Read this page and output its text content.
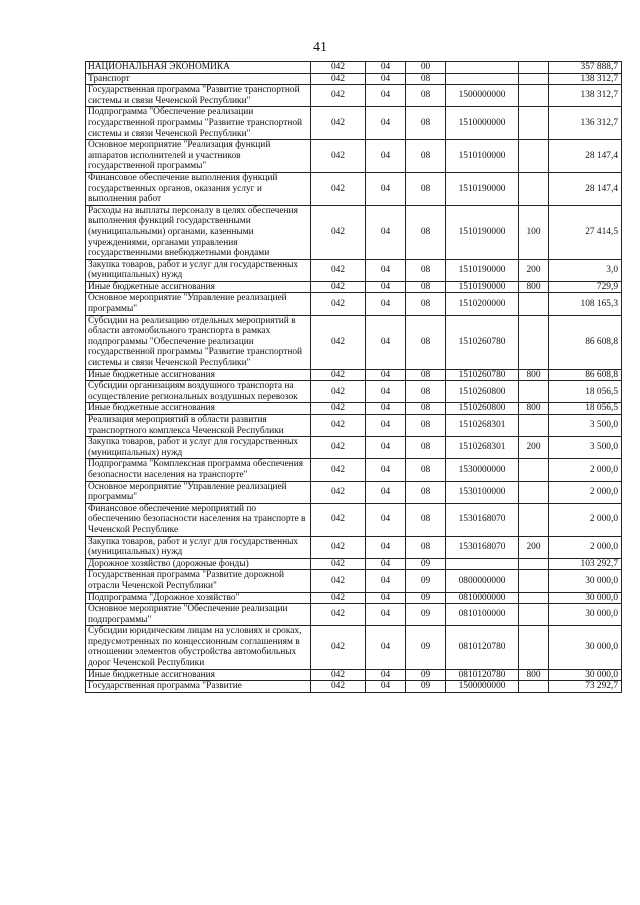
41
НАЦИОНАЛЬНАЯ ЭКОНОМИКА	042	04	00			357 888,7
Транспорт	042	04	08			138 312,7
Государственная программа "Развитие транспортной системы и связи Чеченской Республики"	042	04	08	1500000000		138 312,7
Подпрограмма "Обеспечение реализации государственной программы "Развитие транспортной системы и связи Чеченской Республики"	042	04	08	1510000000		136 312,7
Основное мероприятие "Реализация функций аппаратов исполнителей и участников государственной программы"	042	04	08	1510100000		28 147,4
Финансовое обеспечение выполнения функций государственных органов, оказания услуг и выполнения работ	042	04	08	1510190000		28 147,4
Расходы на выплаты персоналу в целях обеспечения выполнения функций государственными (муниципальными) органами, казенными учреждениями, органами управления государственными внебюджетными фондами	042	04	08	1510190000	100	27 414,5
Закупка товаров, работ и услуг для государственных (муниципальных) нужд	042	04	08	1510190000	200	3,0
Иные бюджетные ассигнования	042	04	08	1510190000	800	729,9
Основное мероприятие "Управление реализацией программы"	042	04	08	1510200000		108 165,3
Субсидии на реализацию отдельных мероприятий в области автомобильного транспорта в рамках подпрограммы "Обеспечение реализации государственной программы "Развитие транспортной системы и связи Чеченской Республики"	042	04	08	1510260780		86 608,8
Иные бюджетные ассигнования	042	04	08	1510260780	800	86 608,8
Субсидии организациям воздушного транспорта на осуществление региональных воздушных перевозок	042	04	08	1510260800		18 056,5
Иные бюджетные ассигнования	042	04	08	1510260800	800	18 056,5
Реализация мероприятий в области развития транспортного комплекса Чеченской Республики	042	04	08	1510268301		3 500,0
Закупка товаров, работ и услуг для государственных (муниципальных) нужд	042	04	08	1510268301	200	3 500,0
Подпрограмма "Комплексная программа обеспечения безопасности населения на транспорте"	042	04	08	1530000000		2 000,0
Основное мероприятие "Управление реализацией программы"	042	04	08	1530100000		2 000,0
Финансовое обеспечение мероприятий по обеспечению безопасности населения на транспорте в Чеченской Республике	042	04	08	1530168070		2 000,0
Закупка товаров, работ и услуг для государственных (муниципальных) нужд	042	04	08	1530168070	200	2 000,0
Дорожное хозяйство (дорожные фонды)	042	04	09			103 292,7
Государственная программа "Развитие дорожной отрасли Чеченской Республики"	042	04	09	0800000000		30 000,0
Подпрограмма "Дорожное хозяйство"	042	04	09	0810000000		30 000,0
Основное мероприятие "Обеспечение реализации подпрограммы"	042	04	09	0810100000		30 000,0
Субсидии юридическим лицам на условиях и сроках, предусмотренных по концессионным соглашениям в отношении элементов обустройства автомобильных дорог Чеченской Республики	042	04	09	0810120780		30 000,0
Иные бюджетные ассигнования	042	04	09	0810120780	800	30 000,0
Государственная программа "Развитие	042	04	09	1500000000		73 292,7
